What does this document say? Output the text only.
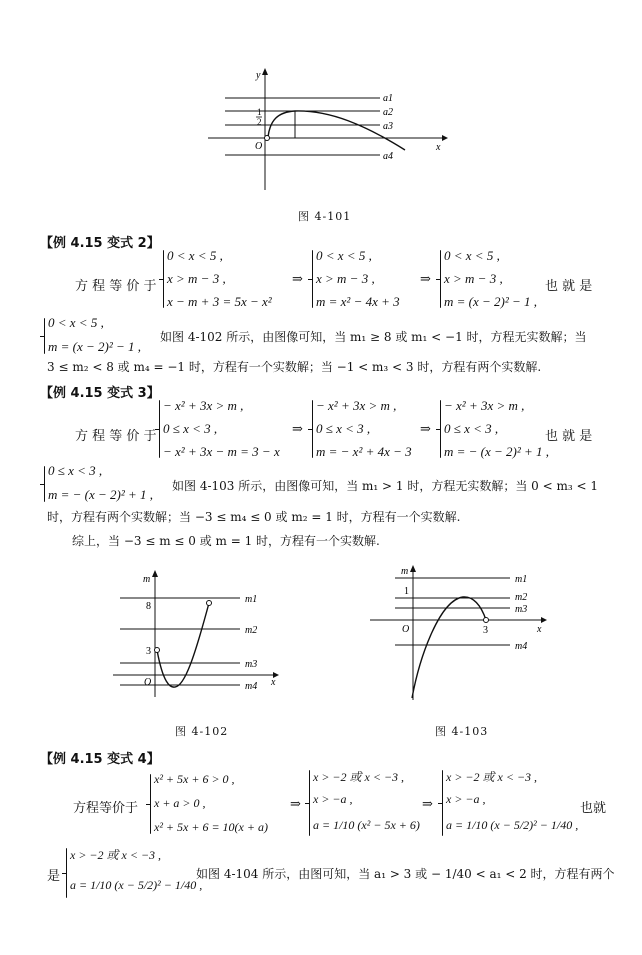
y
x
O
1
2
a1
a2
a3
a4
图 4-101
【例 4.15 变式 2】
方 程 等 价 于
0 < x < 5 ,
x > m − 3 ,
x − m + 3 = 5x − x²
⇒
0 < x < 5 ,
x > m − 3 ,
m = x² − 4x + 3
⇒
0 < x < 5 ,
x > m − 3 ,
m = (x − 2)² − 1 ,
也 就 是
0 < x < 5 ,
m = (x − 2)² − 1 ,
如图 4-102 所示，由图像可知，当 m₁ ≥ 8 或 m₁ < −1 时，方程无实数解；当
3 ≤ m₂ < 8 或 m₄ = −1 时，方程有一个实数解；当 −1 < m₃ < 3 时，方程有两个实数解.
【例 4.15 变式 3】
方 程 等 价 于
− x² + 3x > m ,
0 ≤ x < 3 ,
− x² + 3x − m = 3 − x
⇒
− x² + 3x > m ,
0 ≤ x < 3 ,
m = − x² + 4x − 3
⇒
− x² + 3x > m ,
0 ≤ x < 3 ,
m = − (x − 2)² + 1 ,
也 就 是
0 ≤ x < 3 ,
m = − (x − 2)² + 1 ,
如图 4-103 所示，由图像可知，当 m₁ > 1 时，方程无实数解；当 0 < m₃ < 1
时，方程有两个实数解；当 −3 ≤ m₄ ≤ 0 或 m₂ = 1 时，方程有一个实数解.
综上，当 −3 ≤ m ≤ 0 或 m = 1 时，方程有一个实数解.
m
x
O
8
3
m1
m2
m3
m4
图 4-102
m
x
O
1
3
m1
m2
m3
m4
图 4-103
【例 4.15 变式 4】
方程等价于
x² + 5x + 6 > 0 ,
x + a > 0 ,
x² + 5x + 6 = 10(x + a)
⇒
x > −2 或 x < −3 ,
x > −a ,
a = 1/10 (x² − 5x + 6)
⇒
x > −2 或 x < −3 ,
x > −a ,
a = 1/10 (x − 5/2)² − 1/40 ,
也就
是
x > −2 或 x < −3 ,
a = 1/10 (x − 5/2)² − 1/40 ,
如图 4-104 所示，由图可知，当 a₁ > 3 或 − 1/40 < a₁ < 2 时，方程有两个
